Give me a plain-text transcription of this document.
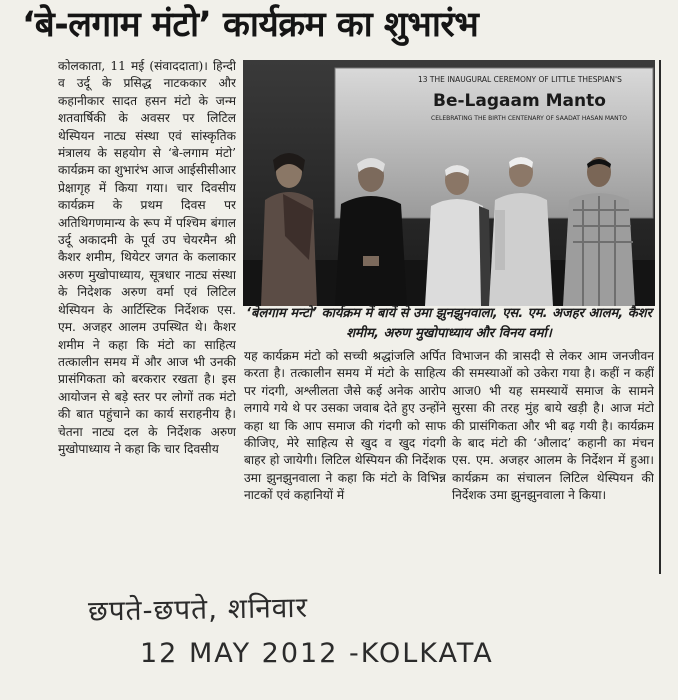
‘बे-लगाम मंटो’ कार्यक्रम का शुभारंभ
कोलकाता, 11 मई (संवाददाता)। हिन्दी व उर्दू के प्रसिद्ध नाटककार और कहानीकार सादत हसन मंटो के जन्म शतवार्षिकी के अवसर पर लिटिल थेस्पियन नाट्य संस्था एवं सांस्कृतिक मंत्रालय के सहयोग से ‘बे-लगाम मंटो’ कार्यक्रम का शुभारंभ आज आईसीसीआर प्रेक्षागृह में किया गया। चार दिवसीय कार्यक्रम के प्रथम दिवस पर अतिथिगणमान्य के रूप में पश्चिम बंगाल उर्दू अकादमी के पूर्व उप चेयरमैन श्री कैशर शमीम, थियेटर जगत के कलाकार अरुण मुखोपाध्याय, सूत्रधार नाट्य संस्था के निदेशक अरुण वर्मा एवं लिटिल थेस्पियन के आर्टिस्टिक निर्देशक एस. एम. अजहर आलम उपस्थित थे। कैशर शमीम ने कहा कि मंटो का साहित्य तत्कालीन समय में और आज भी उनकी प्रासंगिकता को बरकरार रखता है। इस आयोजन से बड़े स्तर पर लोगों तक मंटो की बात पहुंचाने का कार्य सराहनीय है। चेतना नाट्य दल के निर्देशक अरुण मुखोपाध्याय ने कहा कि चार दिवसीय
13 THE INAUGURAL CEREMONY OF LITTLE THESPIAN'S
Be-Lagaam Manto
CELEBRATING THE BIRTH CENTENARY OF SAADAT HASAN MANTO
‘बेलगाम मन्टो’ कार्यक्रम में बायें से उमा झुनझुनवाला, एस. एम. अजहर आलम, कैशर शमीम, अरुण मुखोपाध्याय और विनय वर्मा।
यह कार्यक्रम मंटो को सच्ची श्रद्धांजलि अर्पित करता है। तत्कालीन समय में मंटो के साहित्य पर गंदगी, अश्लीलता जैसे कई अनेक आरोप लगाये गये थे पर उसका जवाब देते हुए उन्होंने कहा था कि आप समाज की गंदगी को साफ कीजिए, मेरे साहित्य से खुद व खुद गंदगी बाहर हो जायेगी। लिटिल थेस्पियन की निर्देशक उमा झुनझुनवाला ने कहा कि मंटो के विभिन्न नाटकों एवं कहानियों में
विभाजन की त्रासदी से लेकर आम जनजीवन की समस्याओं को उकेरा गया है। कहीं न कहीं आज0 भी यह समस्यायें समाज के सामने सुरसा की तरह मुंह बाये खड़ी है। आज मंटो की प्रासंगिकता और भी बढ़ गयी है। कार्यक्रम के बाद मंटो की ‘औलाद’ कहानी का मंचन एस. एम. अजहर आलम के निर्देशन में हुआ। कार्यक्रम का संचालन लिटिल थेस्पियन की निर्देशक उमा झुनझुनवाला ने किया।
छपते-छपते, शनिवार
12 MAY 2012 -KOLKATA
